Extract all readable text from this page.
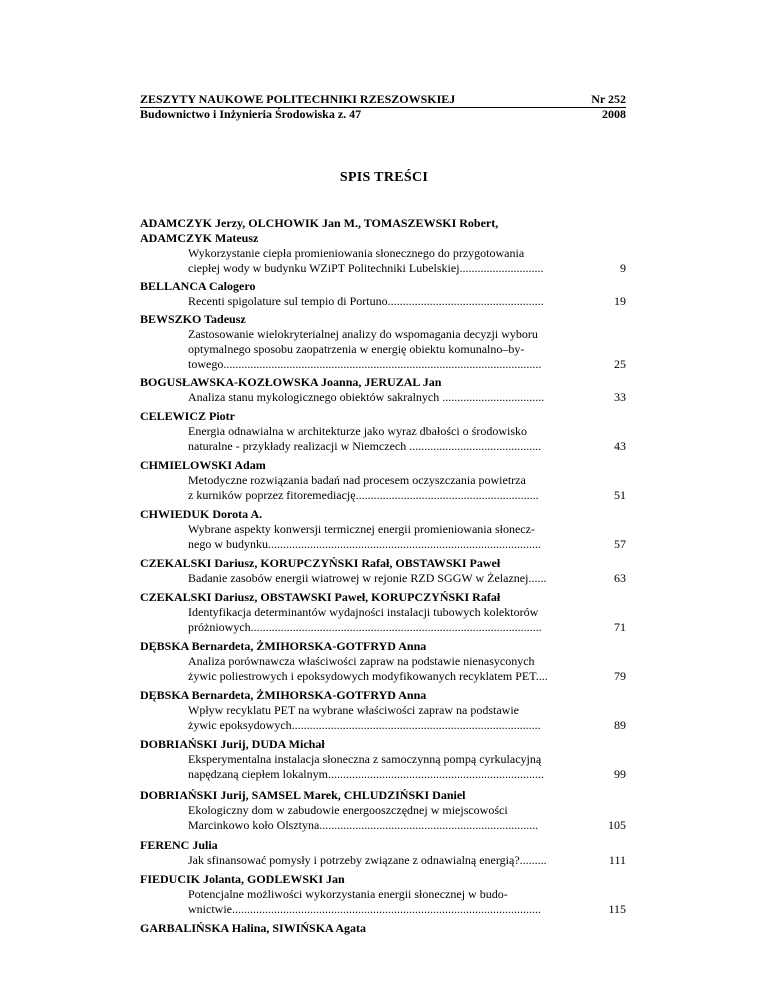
ZESZYTY NAUKOWE POLITECHNIKI RZESZOWSKIEJ	Nr 252
Budownictwo i Inżynieria Środowiska z. 47	2008
SPIS TREŚCI
ADAMCZYK Jerzy, OLCHOWIK Jan M., TOMASZEWSKI Robert,
ADAMCZYK Mateusz
Wykorzystanie ciepła promieniowania słonecznego do przygotowania
ciepłej wody w budynku WZiPT Politechniki Lubelskiej............................	9
BELLANCA Calogero
Recenti spigolature sul tempio di Portuno....................................................	19
BEWSZKO Tadeusz
Zastosowanie wielokryterialnej analizy do wspomagania decyzji wyboru
optymalnego sposobu zaopatrzenia w energię obiektu komunalno–by-
towego..........................................................................................................	25
BOGUSŁAWSKA-KOZŁOWSKA Joanna, JERUZAL Jan
Analiza stanu mykologicznego obiektów sakralnych ..................................	33
CELEWICZ Piotr
Energia odnawialna w architekturze jako wyraz dbałości o środowisko
naturalne - przykłady realizacji w Niemczech ............................................	43
CHMIELOWSKI Adam
Metodyczne rozwiązania badań nad procesem oczyszczania powietrza
z kurników poprzez fitoremediację.............................................................	51
CHWIEDUK Dorota A.
Wybrane aspekty konwersji termicznej energii promieniowania słonecz-
nego w budynku...........................................................................................	57
CZEKALSKI Dariusz, KORUPCZYŃSKI Rafał, OBSTAWSKI Paweł
Badanie zasobów energii wiatrowej w rejonie RZD SGGW w Żelaznej......	63
CZEKALSKI Dariusz, OBSTAWSKI Paweł, KORUPCZYŃSKI Rafał
Identyfikacja determinantów wydajności instalacji tubowych kolektorów
próżniowych.................................................................................................	71
DĘBSKA Bernardeta, ŻMIHORSKA-GOTFRYD Anna
Analiza porównawcza właściwości zapraw na podstawie nienasyconych
żywic poliestrowych i epoksydowych modyfikowanych recyklatem PET....	79
DĘBSKA Bernardeta, ŻMIHORSKA-GOTFRYD Anna
Wpływ recyklatu PET na wybrane właściwości zapraw na podstawie
żywic epoksydowych...................................................................................	89
DOBRIAŃSKI Jurij, DUDA Michał
Eksperymentalna instalacja słoneczna z samoczynną pompą cyrkulacyjną
napędzaną ciepłem lokalnym........................................................................	99
DOBRIAŃSKI Jurij, SAMSEL Marek, CHLUDZIŃSKI Daniel
Ekologiczny dom w zabudowie energooszczędnej w miejscowości
Marcinkowo koło Olsztyna.........................................................................	105
FERENC Julia
Jak sfinansować pomysły i potrzeby związane z odnawialną energią?.........	111
FIEDUCIK Jolanta, GODLEWSKI Jan
Potencjalne możliwości wykorzystania energii słonecznej w budo-
wnictwie.......................................................................................................	115
GARBALIŃSKA Halina, SIWIŃSKA Agata
